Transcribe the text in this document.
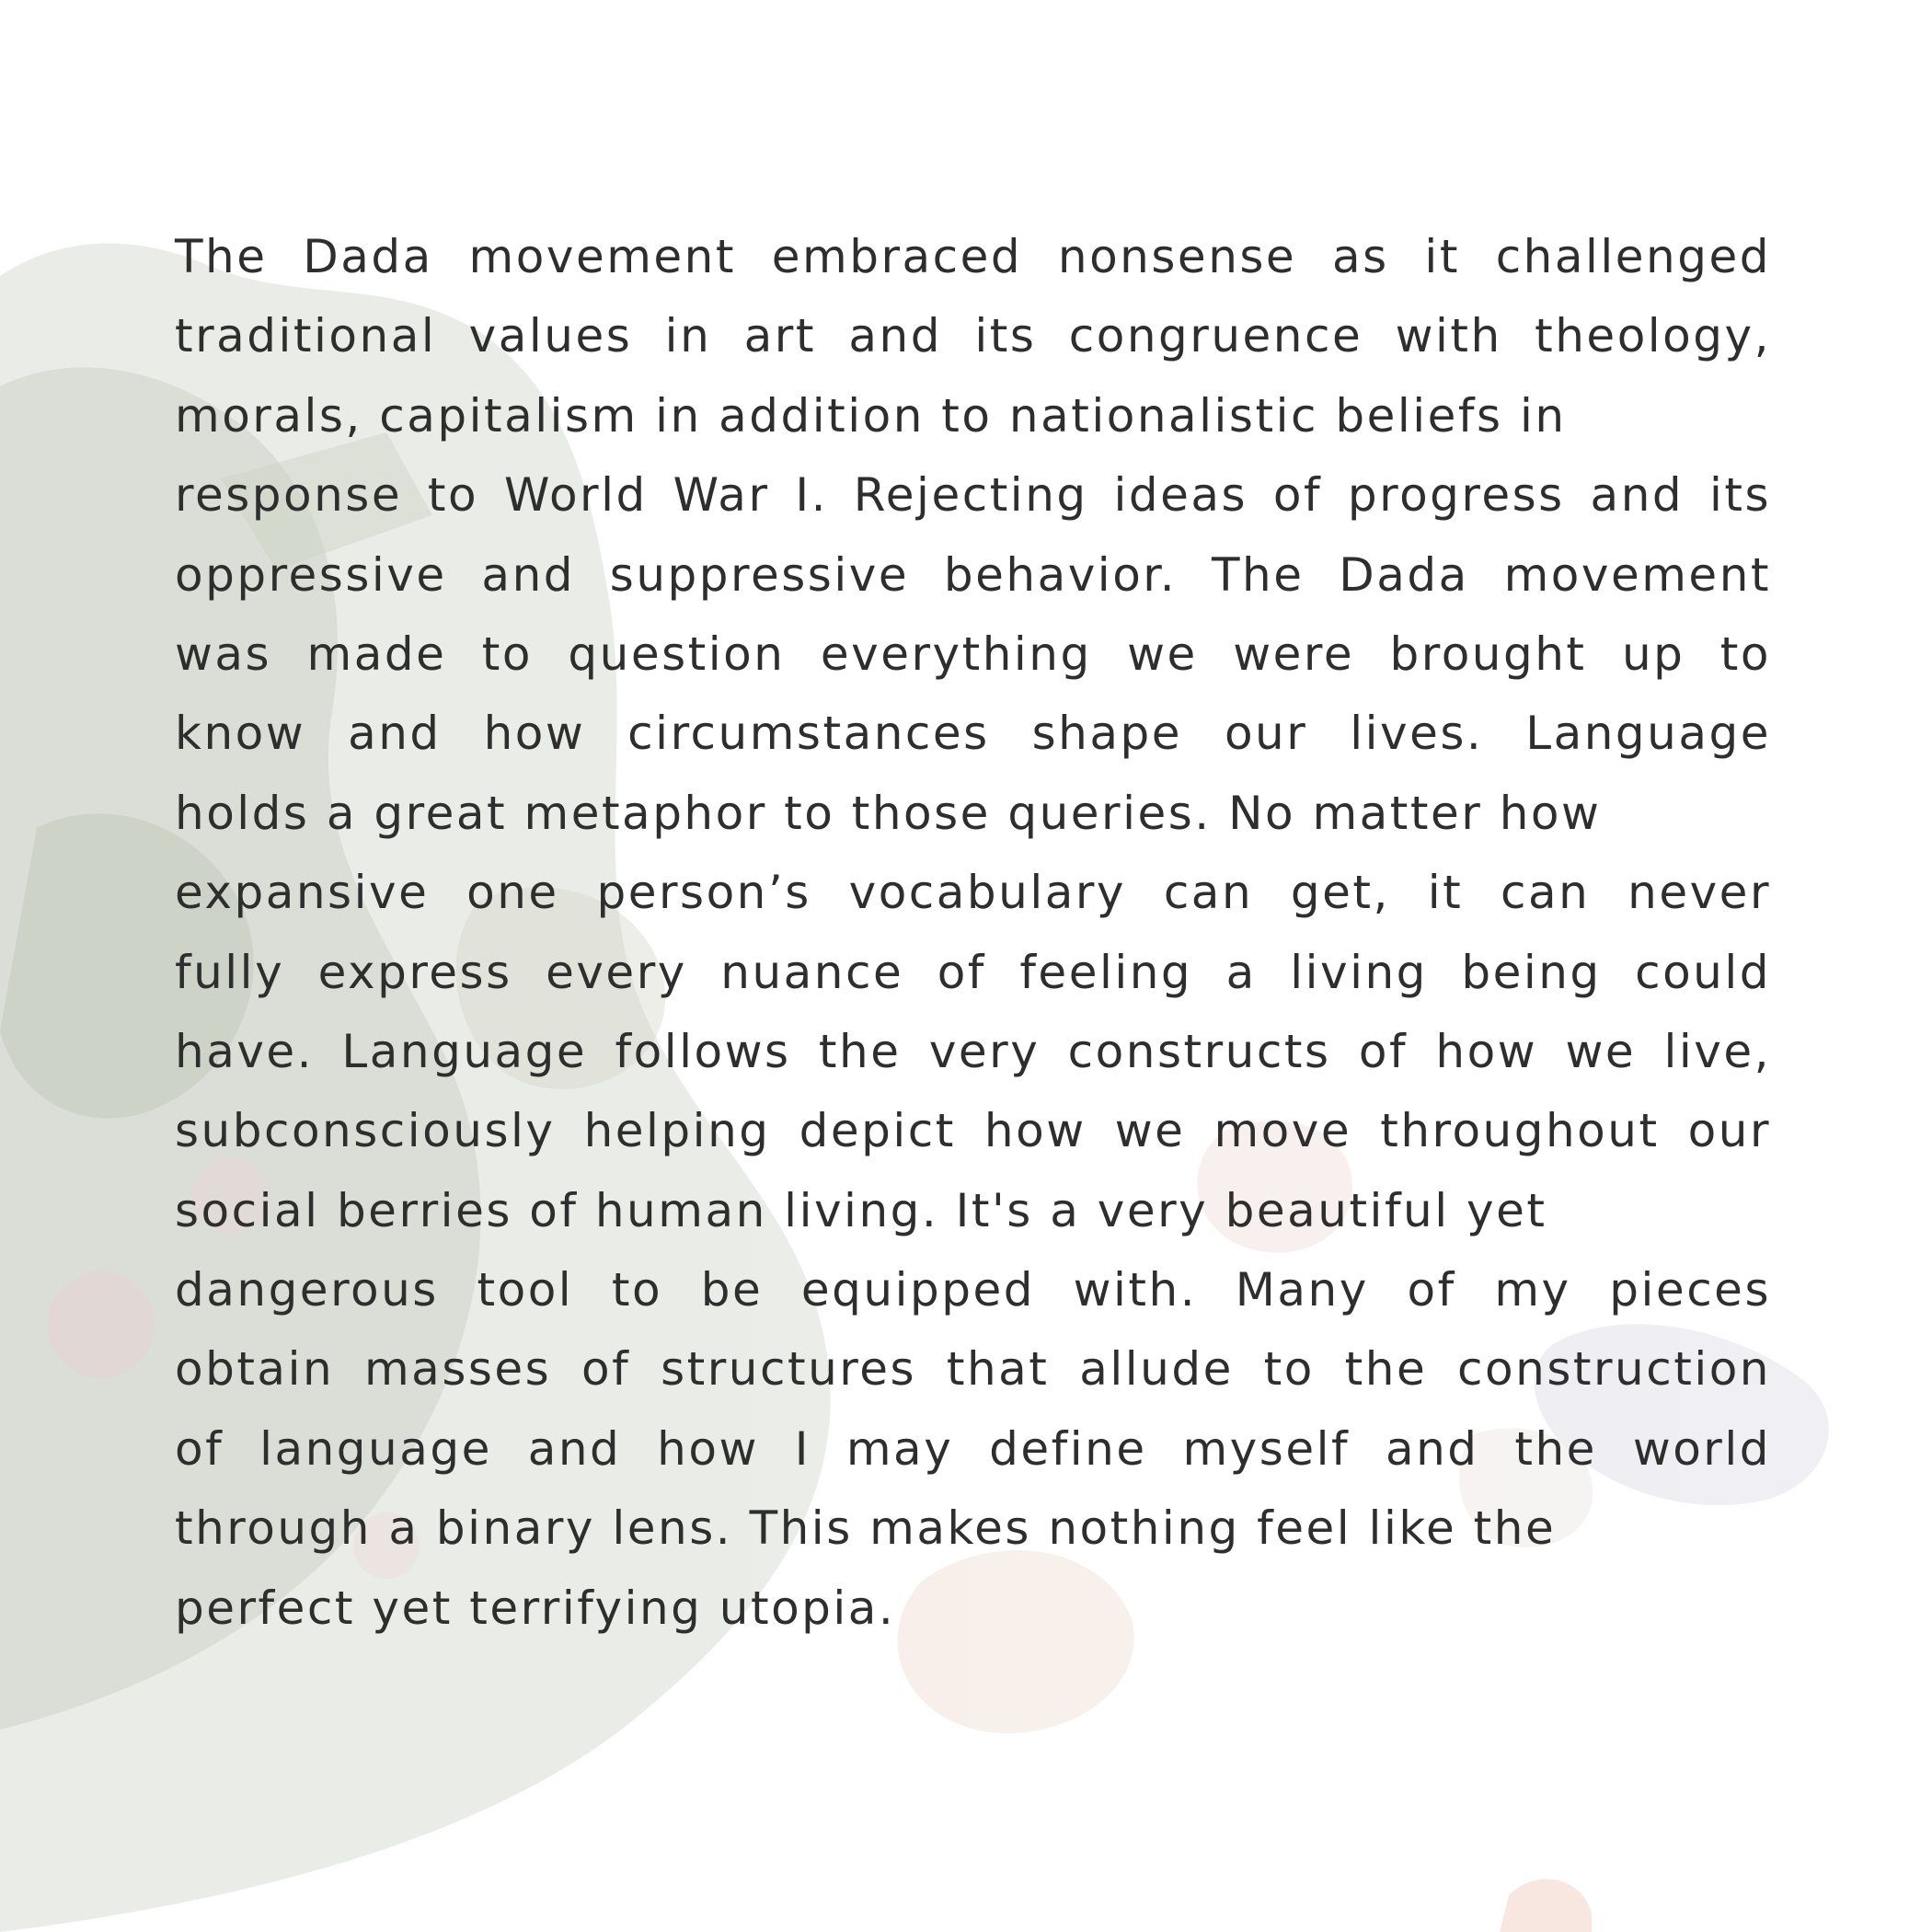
The Dada movement embraced nonsense as it challenged
traditional values in art and its congruence with theology,
morals, capitalism in addition to nationalistic beliefs in
response to World War I. Rejecting ideas of progress and its
oppressive and suppressive behavior. The Dada movement
was made to question everything we were brought up to
know and how circumstances shape our lives. Language
holds a great metaphor to those queries. No matter how
expansive one person’s vocabulary can get, it can never
fully express every nuance of feeling a living being could
have. Language follows the very constructs of how we live,
subconsciously helping depict how we move throughout our
social berries of human living. It's a very beautiful yet
dangerous tool to be equipped with. Many of my pieces
obtain masses of structures that allude to the construction
of language and how I may define myself and the world
through a binary lens. This makes nothing feel like the
perfect yet terrifying utopia.
